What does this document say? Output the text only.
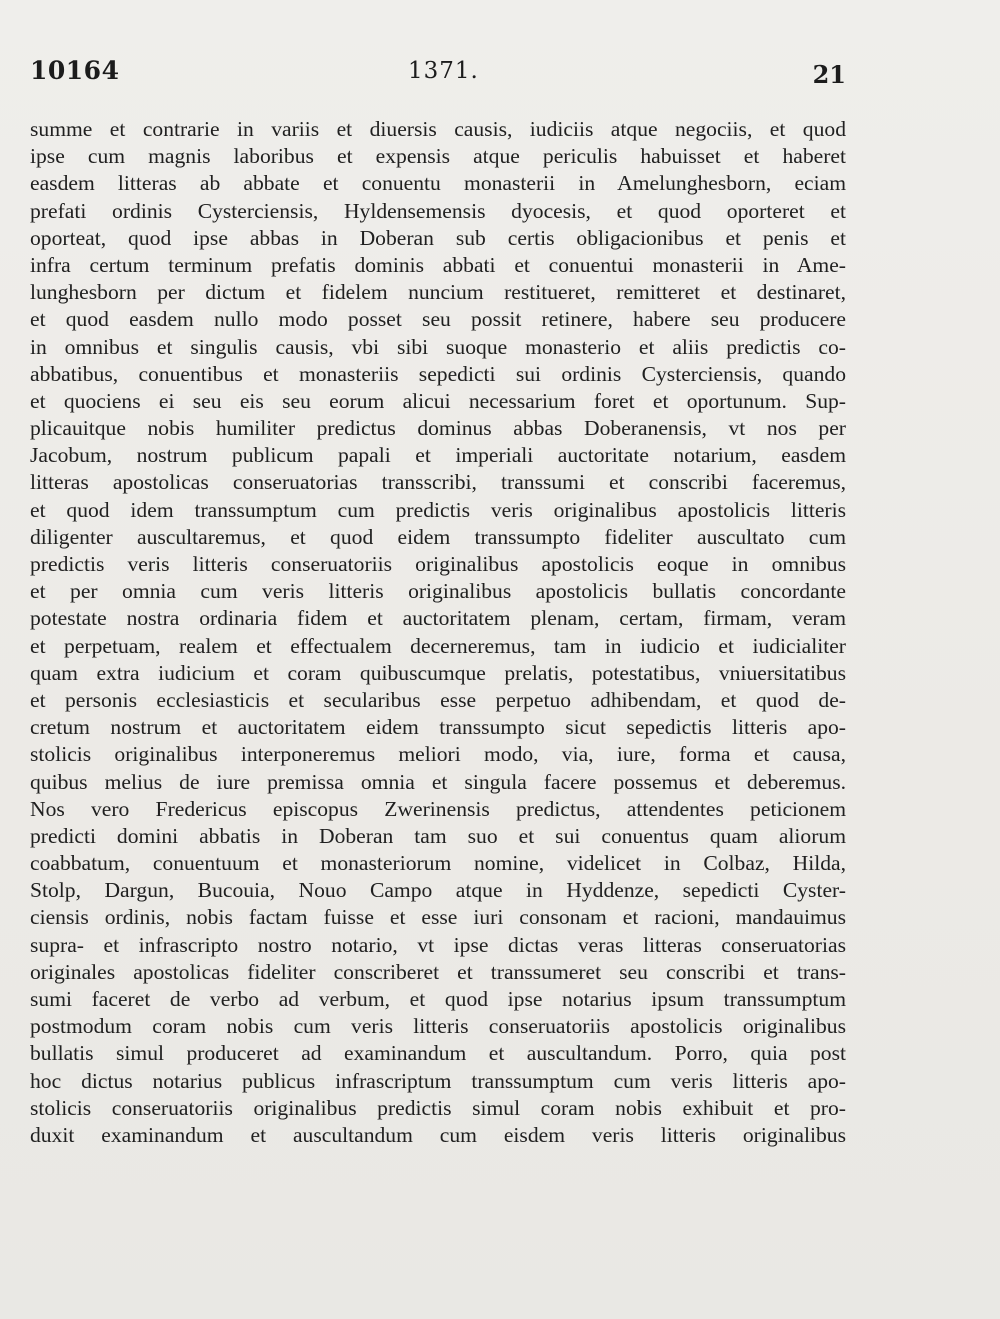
10164	1371.	21
summe et contrarie in variis et diuersis causis, iudiciis atque negociis, et quod
ipse cum magnis laboribus et expensis atque periculis habuisset et haberet
easdem litteras ab abbate et conuentu monasterii in Amelunghesborn, eciam
prefati ordinis Cysterciensis, Hyldensemensis dyocesis, et quod oporteret et
oporteat, quod ipse abbas in Doberan sub certis obligacionibus et penis et
infra certum terminum prefatis dominis abbati et conuentui monasterii in Ame-
lunghesborn per dictum et fidelem nuncium restitueret, remitteret et destinaret,
et quod easdem nullo modo posset seu possit retinere, habere seu producere
in omnibus et singulis causis, vbi sibi suoque monasterio et aliis predictis co-
abbatibus, conuentibus et monasteriis sepedicti sui ordinis Cysterciensis, quando
et quociens ei seu eis seu eorum alicui necessarium foret et oportunum. Sup-
plicauitque nobis humiliter predictus dominus abbas Doberanensis, vt nos per
Jacobum, nostrum publicum papali et imperiali auctoritate notarium, easdem
litteras apostolicas conseruatorias transscribi, transsumi et conscribi faceremus,
et quod idem transsumptum cum predictis veris originalibus apostolicis litteris
diligenter auscultaremus, et quod eidem transsumpto fideliter auscultato cum
predictis veris litteris conseruatoriis originalibus apostolicis eoque in omnibus
et per omnia cum veris litteris originalibus apostolicis bullatis concordante
potestate nostra ordinaria fidem et auctoritatem plenam, certam, firmam, veram
et perpetuam, realem et effectualem decerneremus, tam in iudicio et iudicialiter
quam extra iudicium et coram quibuscumque prelatis, potestatibus, vniuersitatibus
et personis ecclesiasticis et secularibus esse perpetuo adhibendam, et quod de-
cretum nostrum et auctoritatem eidem transsumpto sicut sepedictis litteris apo-
stolicis originalibus interponeremus meliori modo, via, iure, forma et causa,
quibus melius de iure premissa omnia et singula facere possemus et deberemus.
Nos vero Fredericus episcopus Zwerinensis predictus, attendentes peticionem
predicti domini abbatis in Doberan tam suo et sui conuentus quam aliorum
coabbatum, conuentuum et monasteriorum nomine, videlicet in Colbaz, Hilda,
Stolp, Dargun, Bucouia, Nouo Campo atque in Hyddenze, sepedicti Cyster-
ciensis ordinis, nobis factam fuisse et esse iuri consonam et racioni, mandauimus
supra- et infrascripto nostro notario, vt ipse dictas veras litteras conseruatorias
originales apostolicas fideliter conscriberet et transsumeret seu conscribi et trans-
sumi faceret de verbo ad verbum, et quod ipse notarius ipsum transsumptum
postmodum coram nobis cum veris litteris conseruatoriis apostolicis originalibus
bullatis simul produceret ad examinandum et auscultandum. Porro, quia post
hoc dictus notarius publicus infrascriptum transsumptum cum veris litteris apo-
stolicis conseruatoriis originalibus predictis simul coram nobis exhibuit et pro-
duxit examinandum et auscultandum cum eisdem veris litteris originalibus
